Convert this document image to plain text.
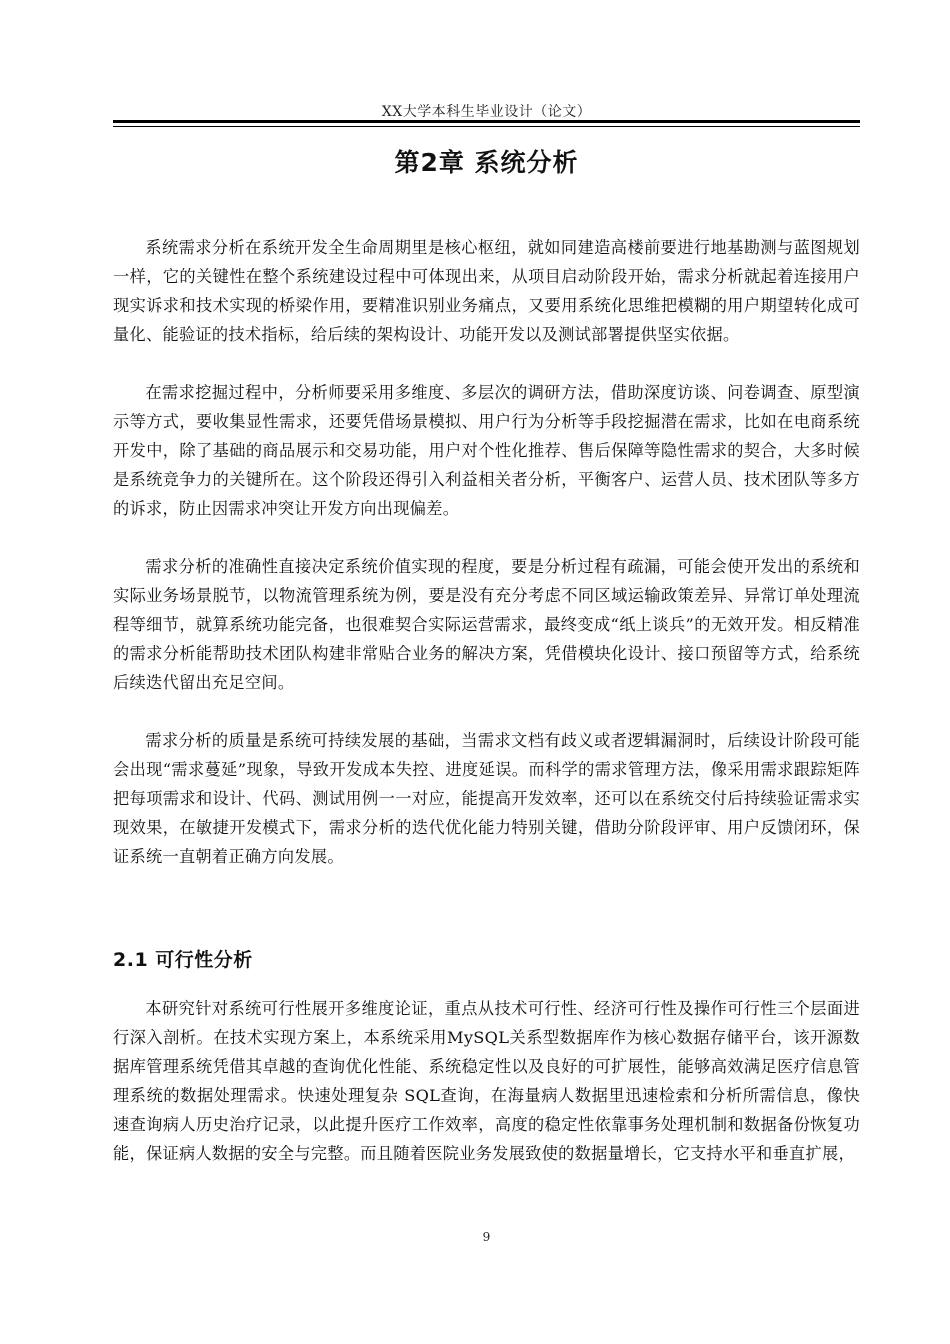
XX大学本科生毕业设计（论文）
第2章 系统分析

系统需求分析在系统开发全生命周期里是核心枢纽，就如同建造高楼前要进行地基勘测与蓝图规划一样，它的关键性在整个系统建设过程中可体现出来，从项目启动阶段开始，需求分析就起着连接用户现实诉求和技术实现的桥梁作用，要精准识别业务痛点，又要用系统化思维把模糊的用户期望转化成可量化、能验证的技术指标，给后续的架构设计、功能开发以及测试部署提供坚实依据。

在需求挖掘过程中，分析师要采用多维度、多层次的调研方法，借助深度访谈、问卷调查、原型演示等方式，要收集显性需求，还要凭借场景模拟、用户行为分析等手段挖掘潜在需求，比如在电商系统开发中，除了基础的商品展示和交易功能，用户对个性化推荐、售后保障等隐性需求的契合，大多时候是系统竞争力的关键所在。这个阶段还得引入利益相关者分析，平衡客户、运营人员、技术团队等多方的诉求，防止因需求冲突让开发方向出现偏差。

需求分析的准确性直接决定系统价值实现的程度，要是分析过程有疏漏，可能会使开发出的系统和实际业务场景脱节，以物流管理系统为例，要是没有充分考虑不同区域运输政策差异、异常订单处理流程等细节，就算系统功能完备，也很难契合实际运营需求，最终变成“纸上谈兵”的无效开发。相反精准的需求分析能帮助技术团队构建非常贴合业务的解决方案，凭借模块化设计、接口预留等方式，给系统后续迭代留出充足空间。

需求分析的质量是系统可持续发展的基础，当需求文档有歧义或者逻辑漏洞时，后续设计阶段可能会出现“需求蔓延”现象，导致开发成本失控、进度延误。而科学的需求管理方法，像采用需求跟踪矩阵把每项需求和设计、代码、测试用例一一对应，能提高开发效率，还可以在系统交付后持续验证需求实现效果，在敏捷开发模式下，需求分析的迭代优化能力特别关键，借助分阶段评审、用户反馈闭环，保证系统一直朝着正确方向发展。

2.1 可行性分析

本研究针对系统可行性展开多维度论证，重点从技术可行性、经济可行性及操作可行性三个层面进行深入剖析。在技术实现方案上，本系统采用MySQL关系型数据库作为核心数据存储平台，该开源数据库管理系统凭借其卓越的查询优化性能、系统稳定性以及良好的可扩展性，能够高效满足医疗信息管理系统的数据处理需求。快速处理复杂 SQL查询，在海量病人数据里迅速检索和分析所需信息，像快速查询病人历史治疗记录，以此提升医疗工作效率，高度的稳定性依靠事务处理机制和数据备份恢复功能，保证病人数据的安全与完整。而且随着医院业务发展致使的数据量增长，它支持水平和垂直扩展，

9
